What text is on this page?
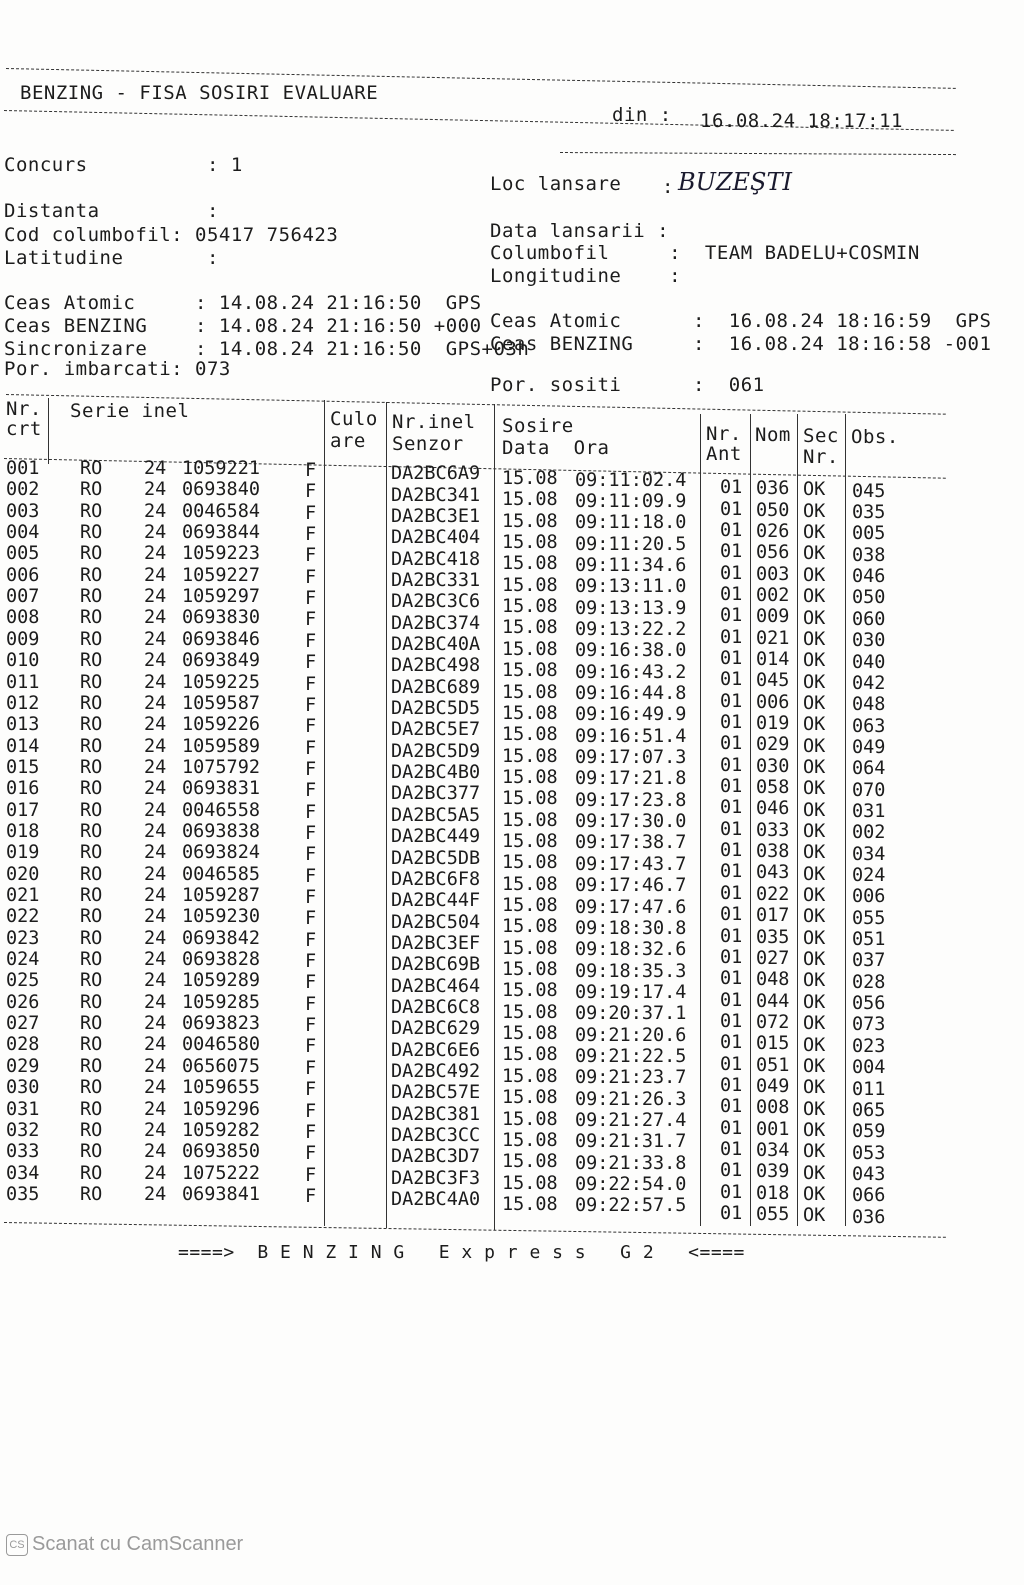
BENZING - FISA SOSIRI EVALUARE
din : 16.08.24 18:17:11
Concurs          : 1
Distanta         :
Cod columbofil: 05417 756423
Latitudine       :
Ceas Atomic     : 14.08.24 21:16:50  GPS
Ceas BENZING    : 14.08.24 21:16:50 +000
Sincronizare    : 14.08.24 21:16:50  GPS+03h
Por. imbarcati: 073
Loc lansare : BUZEŞTI
Data lansarii :
Columbofil     :  TEAM BADELU+COSMIN
Longitudine    :
Ceas Atomic      :  16.08.24 18:16:59  GPS
Ceas BENZING     :  16.08.24 18:16:58 -001
Por. sositi      :  061
Nr.
crt
Serie inel	Culo
are
Nr.inel
Senzor
Sosire
Data  Ora
Nr.
Ant
Nom Sec
Nr.
Obs.
001 RO 24 1059221 F	DA2BC6A9 15.08 09:11:02.4 01 036 OK 045
002 RO 24 0693840 F	DA2BC341 15.08 09:11:09.9 01 050 OK 035
003 RO 24 0046584 F	DA2BC3E1 15.08 09:11:18.0 01 026 OK 005
004 RO 24 0693844 F	DA2BC404 15.08 09:11:20.5 01 056 OK 038
005 RO 24 1059223 F	DA2BC418 15.08 09:11:34.6 01 003 OK 046
006 RO 24 1059227 F	DA2BC331 15.08 09:13:11.0 01 002 OK 050
007 RO 24 1059297 F	DA2BC3C6 15.08 09:13:13.9 01 009 OK 060
008 RO 24 0693830 F	DA2BC374 15.08 09:13:22.2 01 021 OK 030
009 RO 24 0693846 F	DA2BC40A 15.08 09:16:38.0 01 014 OK 040
010 RO 24 0693849 F	DA2BC498 15.08 09:16:43.2 01 045 OK 042
011 RO 24 1059225 F	DA2BC689 15.08 09:16:44.8 01 006 OK 048
012 RO 24 1059587 F	DA2BC5D5 15.08 09:16:49.9 01 019 OK 063
013 RO 24 1059226 F	DA2BC5E7 15.08 09:16:51.4 01 029 OK 049
014 RO 24 1059589 F	DA2BC5D9 15.08 09:17:07.3 01 030 OK 064
015 RO 24 1075792 F	DA2BC4B0 15.08 09:17:21.8 01 058 OK 070
016 RO 24 0693831 F	DA2BC377 15.08 09:17:23.8 01 046 OK 031
017 RO 24 0046558 F	DA2BC5A5 15.08 09:17:30.0 01 033 OK 002
018 RO 24 0693838 F	DA2BC449 15.08 09:17:38.7 01 038 OK 034
019 RO 24 0693824 F	DA2BC5DB 15.08 09:17:43.7 01 043 OK 024
020 RO 24 0046585 F	DA2BC6F8 15.08 09:17:46.7 01 022 OK 006
021 RO 24 1059287 F	DA2BC44F 15.08 09:17:47.6 01 017 OK 055
022 RO 24 1059230 F	DA2BC504 15.08 09:18:30.8 01 035 OK 051
023 RO 24 0693842 F	DA2BC3EF 15.08 09:18:32.6 01 027 OK 037
024 RO 24 0693828 F	DA2BC69B 15.08 09:18:35.3 01 048 OK 028
025 RO 24 1059289 F	DA2BC464 15.08 09:19:17.4 01 044 OK 056
026 RO 24 1059285 F	DA2BC6C8 15.08 09:20:37.1 01 072 OK 073
027 RO 24 0693823 F	DA2BC629 15.08 09:21:20.6 01 015 OK 023
028 RO 24 0046580 F	DA2BC6E6 15.08 09:21:22.5 01 051 OK 004
029 RO 24 0656075 F	DA2BC492 15.08 09:21:23.7 01 049 OK 011
030 RO 24 1059655 F	DA2BC57E 15.08 09:21:26.3 01 008 OK 065
031 RO 24 1059296 F	DA2BC381 15.08 09:21:27.4 01 001 OK 059
032 RO 24 1059282 F	DA2BC3CC 15.08 09:21:31.7 01 034 OK 053
033 RO 24 0693850 F	DA2BC3D7 15.08 09:21:33.8 01 039 OK 043
034 RO 24 1075222 F	DA2BC3F3 15.08 09:22:54.0 01 018 OK 066
035 RO 24 0693841 F	DA2BC4A0 15.08 09:22:57.5 01 055 OK 036
====>  B E N Z I N G   E x p r e s s   G 2   <====
CS Scanat cu CamScanner
